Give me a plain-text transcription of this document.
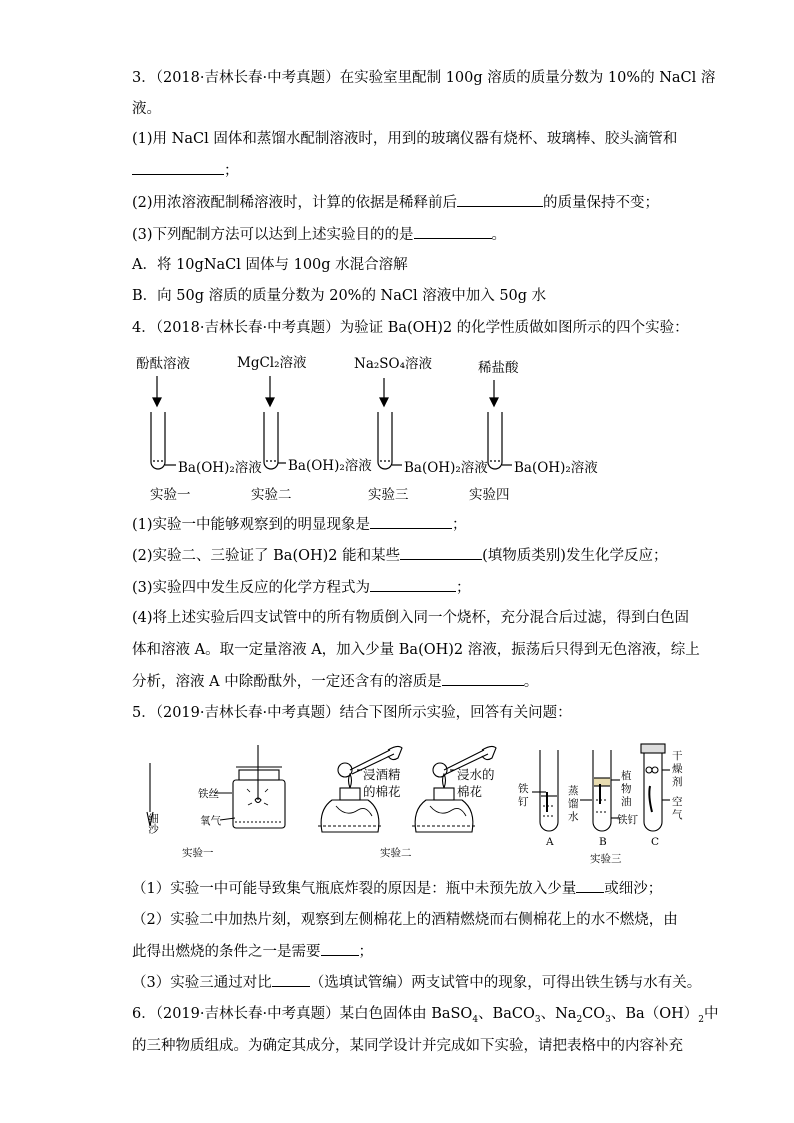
3．（2018·吉林长春·中考真题）在实验室里配制 100g 溶质的质量分数为 10%的 NaCl 溶
液。
(1)用 NaCl 固体和蒸馏水配制溶液时，用到的玻璃仪器有烧杯、玻璃棒、胶头滴管和
；
(2)用浓溶液配制稀溶液时，计算的依据是稀释前后	的质量保持不变；
(3)下列配制方法可以达到上述实验目的的是	。
A．将 10gNaCl 固体与 100g 水混合溶解
B．向 50g 溶质的质量分数为 20%的 NaCl 溶液中加入 50g 水
4．（2018·吉林长春·中考真题）为验证 Ba(OH)2 的化学性质做如图所示的四个实验：
酚酞溶液	MgCl₂溶液	Na₂SO₄溶液	稀盐酸
Ba(OH)₂溶液 Ba(OH)₂溶液 Ba(OH)₂溶液 Ba(OH)₂溶液
实验一	实验二	实验三	实验四
(1)实验一中能够观察到的明显现象是	；
(2)实验二、三验证了 Ba(OH)2 能和某些	(填物质类别)发生化学反应；
(3)实验四中发生反应的化学方程式为	；
(4)将上述实验后四支试管中的所有物质倒入同一个烧杯，充分混合后过滤，得到白色固
体和溶液 A。取一定量溶液 A，加入少量 Ba(OH)2 溶液，振荡后只得到无色溶液，综上
分析，溶液 A 中除酚酞外，一定还含有的溶质是	。
5．（2019·吉林长春·中考真题）结合下图所示实验，回答有关问题：
细沙
铁丝
氧气
实验一
浸酒精的棉花
浸水的棉花
实验二
铁钉
蒸馏水
植物油
铁钉
干燥剂
空气
A	B	C
实验三
（1）实验一中可能导致集气瓶底炸裂的原因是：瓶中未预先放入少量 或细沙；
（2）实验二中加热片刻，观察到左侧棉花上的酒精燃烧而右侧棉花上的水不燃烧，由
此得出燃烧的条件之一是需要	；
（3）实验三通过对比	（选填试管编）两支试管中的现象，可得出铁生锈与水有关。
6．（2019·吉林长春·中考真题）某白色固体由 BaSO$_4$、BaCO$_3$、$Na_2CO_3$、$Ba(OH)_2$中
的三种物质组成。为确定其成分，某同学设计并完成如下实验，请把表格中的内容补充
